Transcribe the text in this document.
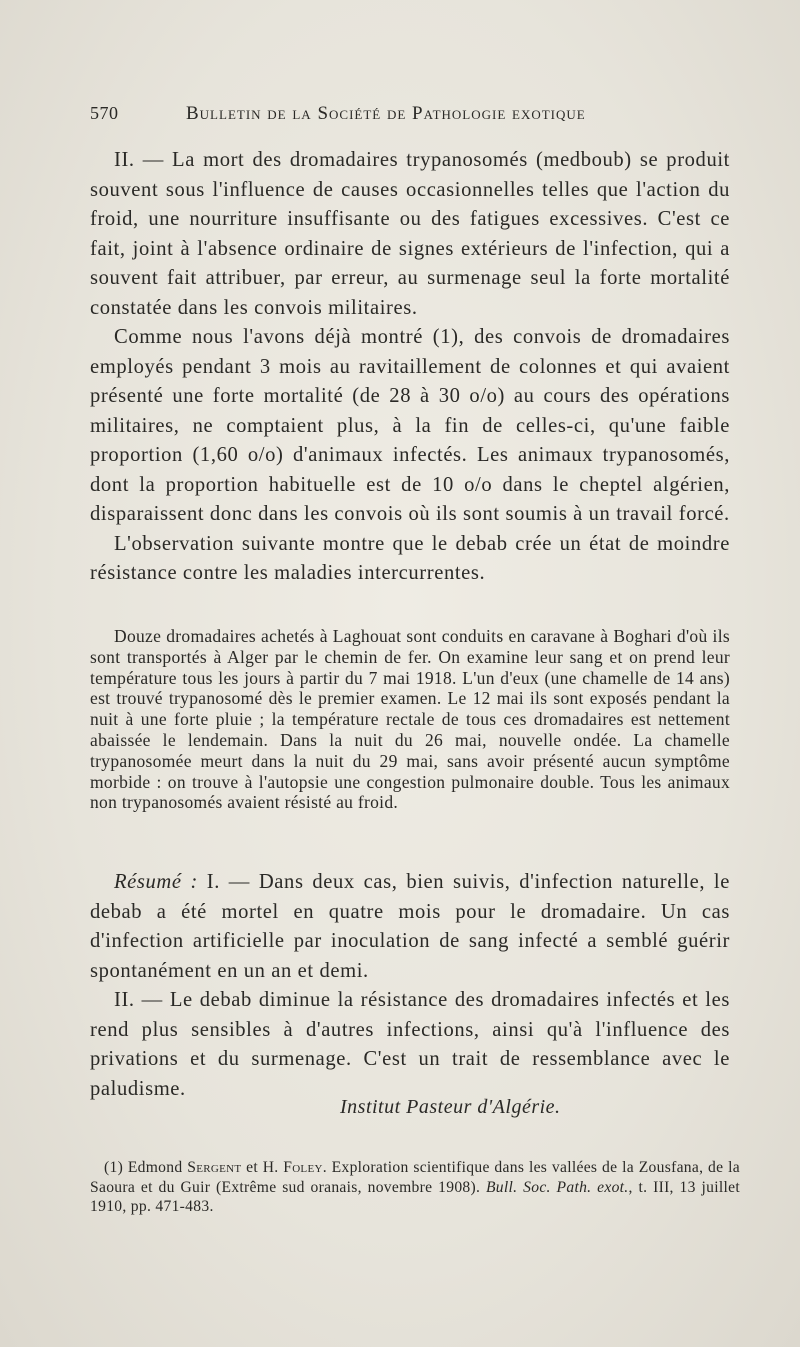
570	Bulletin de la Société de Pathologie exotique

II. — La mort des dromadaires trypanosomés (medboub) se produit souvent sous l'influence de causes occasionnelles telles que l'action du froid, une nourriture insuffisante ou des fatigues excessives. C'est ce fait, joint à l'absence ordinaire de signes extérieurs de l'infection, qui a souvent fait attribuer, par erreur, au surmenage seul la forte mortalité constatée dans les convois militaires.

Comme nous l'avons déjà montré (1), des convois de dromadaires employés pendant 3 mois au ravitaillement de colonnes et qui avaient présenté une forte mortalité (de 28 à 30 o/o) au cours des opérations militaires, ne comptaient plus, à la fin de celles-ci, qu'une faible proportion (1,60 o/o) d'animaux infectés. Les animaux trypanosomés, dont la proportion habituelle est de 10 o/o dans le cheptel algérien, disparaissent donc dans les convois où ils sont soumis à un travail forcé.

L'observation suivante montre que le debab crée un état de moindre résistance contre les maladies intercurrentes.

Douze dromadaires achetés à Laghouat sont conduits en caravane à Boghari d'où ils sont transportés à Alger par le chemin de fer. On examine leur sang et on prend leur température tous les jours à partir du 7 mai 1918. L'un d'eux (une chamelle de 14 ans) est trouvé trypanosomé dès le premier examen. Le 12 mai ils sont exposés pendant la nuit à une forte pluie ; la température rectale de tous ces dromadaires est nettement abaissée le lendemain. Dans la nuit du 26 mai, nouvelle ondée. La chamelle trypanosomée meurt dans la nuit du 29 mai, sans avoir présenté aucun symptôme morbide : on trouve à l'autopsie une congestion pulmonaire double. Tous les animaux non trypanosomés avaient résisté au froid.

Résumé : I. — Dans deux cas, bien suivis, d'infection naturelle, le debab a été mortel en quatre mois pour le dromadaire. Un cas d'infection artificielle par inoculation de sang infecté a semblé guérir spontanément en un an et demi.

II. — Le debab diminue la résistance des dromadaires infectés et les rend plus sensibles à d'autres infections, ainsi qu'à l'influence des privations et du surmenage. C'est un trait de ressemblance avec le paludisme.

Institut Pasteur d'Algérie.

(1) Edmond Sergent et H. Foley. Exploration scientifique dans les vallées de la Zousfana, de la Saoura et du Guir (Extrême sud oranais, novembre 1908). Bull. Soc. Path. exot., t. III, 13 juillet 1910, pp. 471-483.
